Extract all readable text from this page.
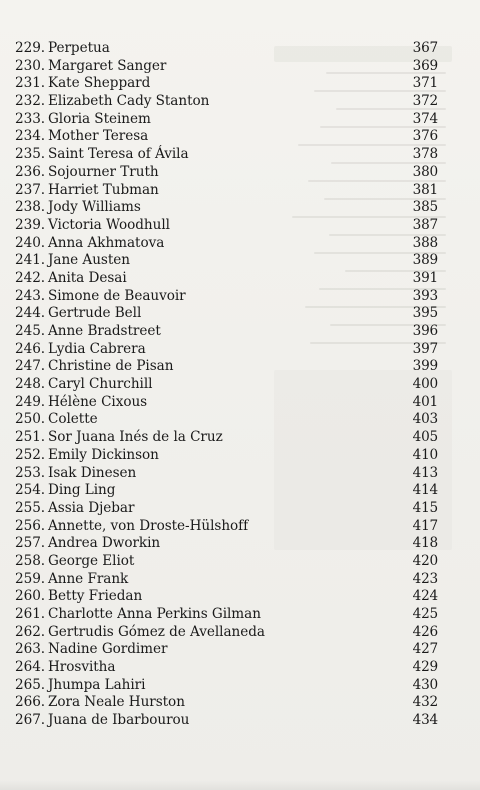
229. Perpetua	367
230. Margaret Sanger	369
231. Kate Sheppard	371
232. Elizabeth Cady Stanton	372
233. Gloria Steinem	374
234. Mother Teresa	376
235. Saint Teresa of Ávila	378
236. Sojourner Truth	380
237. Harriet Tubman	381
238. Jody Williams	385
239. Victoria Woodhull	387
240. Anna Akhmatova	388
241. Jane Austen	389
242. Anita Desai	391
243. Simone de Beauvoir	393
244. Gertrude Bell	395
245. Anne Bradstreet	396
246. Lydia Cabrera	397
247. Christine de Pisan	399
248. Caryl Churchill	400
249. Hélène Cixous	401
250. Colette	403
251. Sor Juana Inés de la Cruz	405
252. Emily Dickinson	410
253. Isak Dinesen	413
254. Ding Ling	414
255. Assia Djebar	415
256. Annette, von Droste-Hülshoff	417
257. Andrea Dworkin	418
258. George Eliot	420
259. Anne Frank	423
260. Betty Friedan	424
261. Charlotte Anna Perkins Gilman	425
262. Gertrudis Gómez de Avellaneda	426
263. Nadine Gordimer	427
264. Hrosvitha	429
265. Jhumpa Lahiri	430
266. Zora Neale Hurston	432
267. Juana de Ibarbourou	434
